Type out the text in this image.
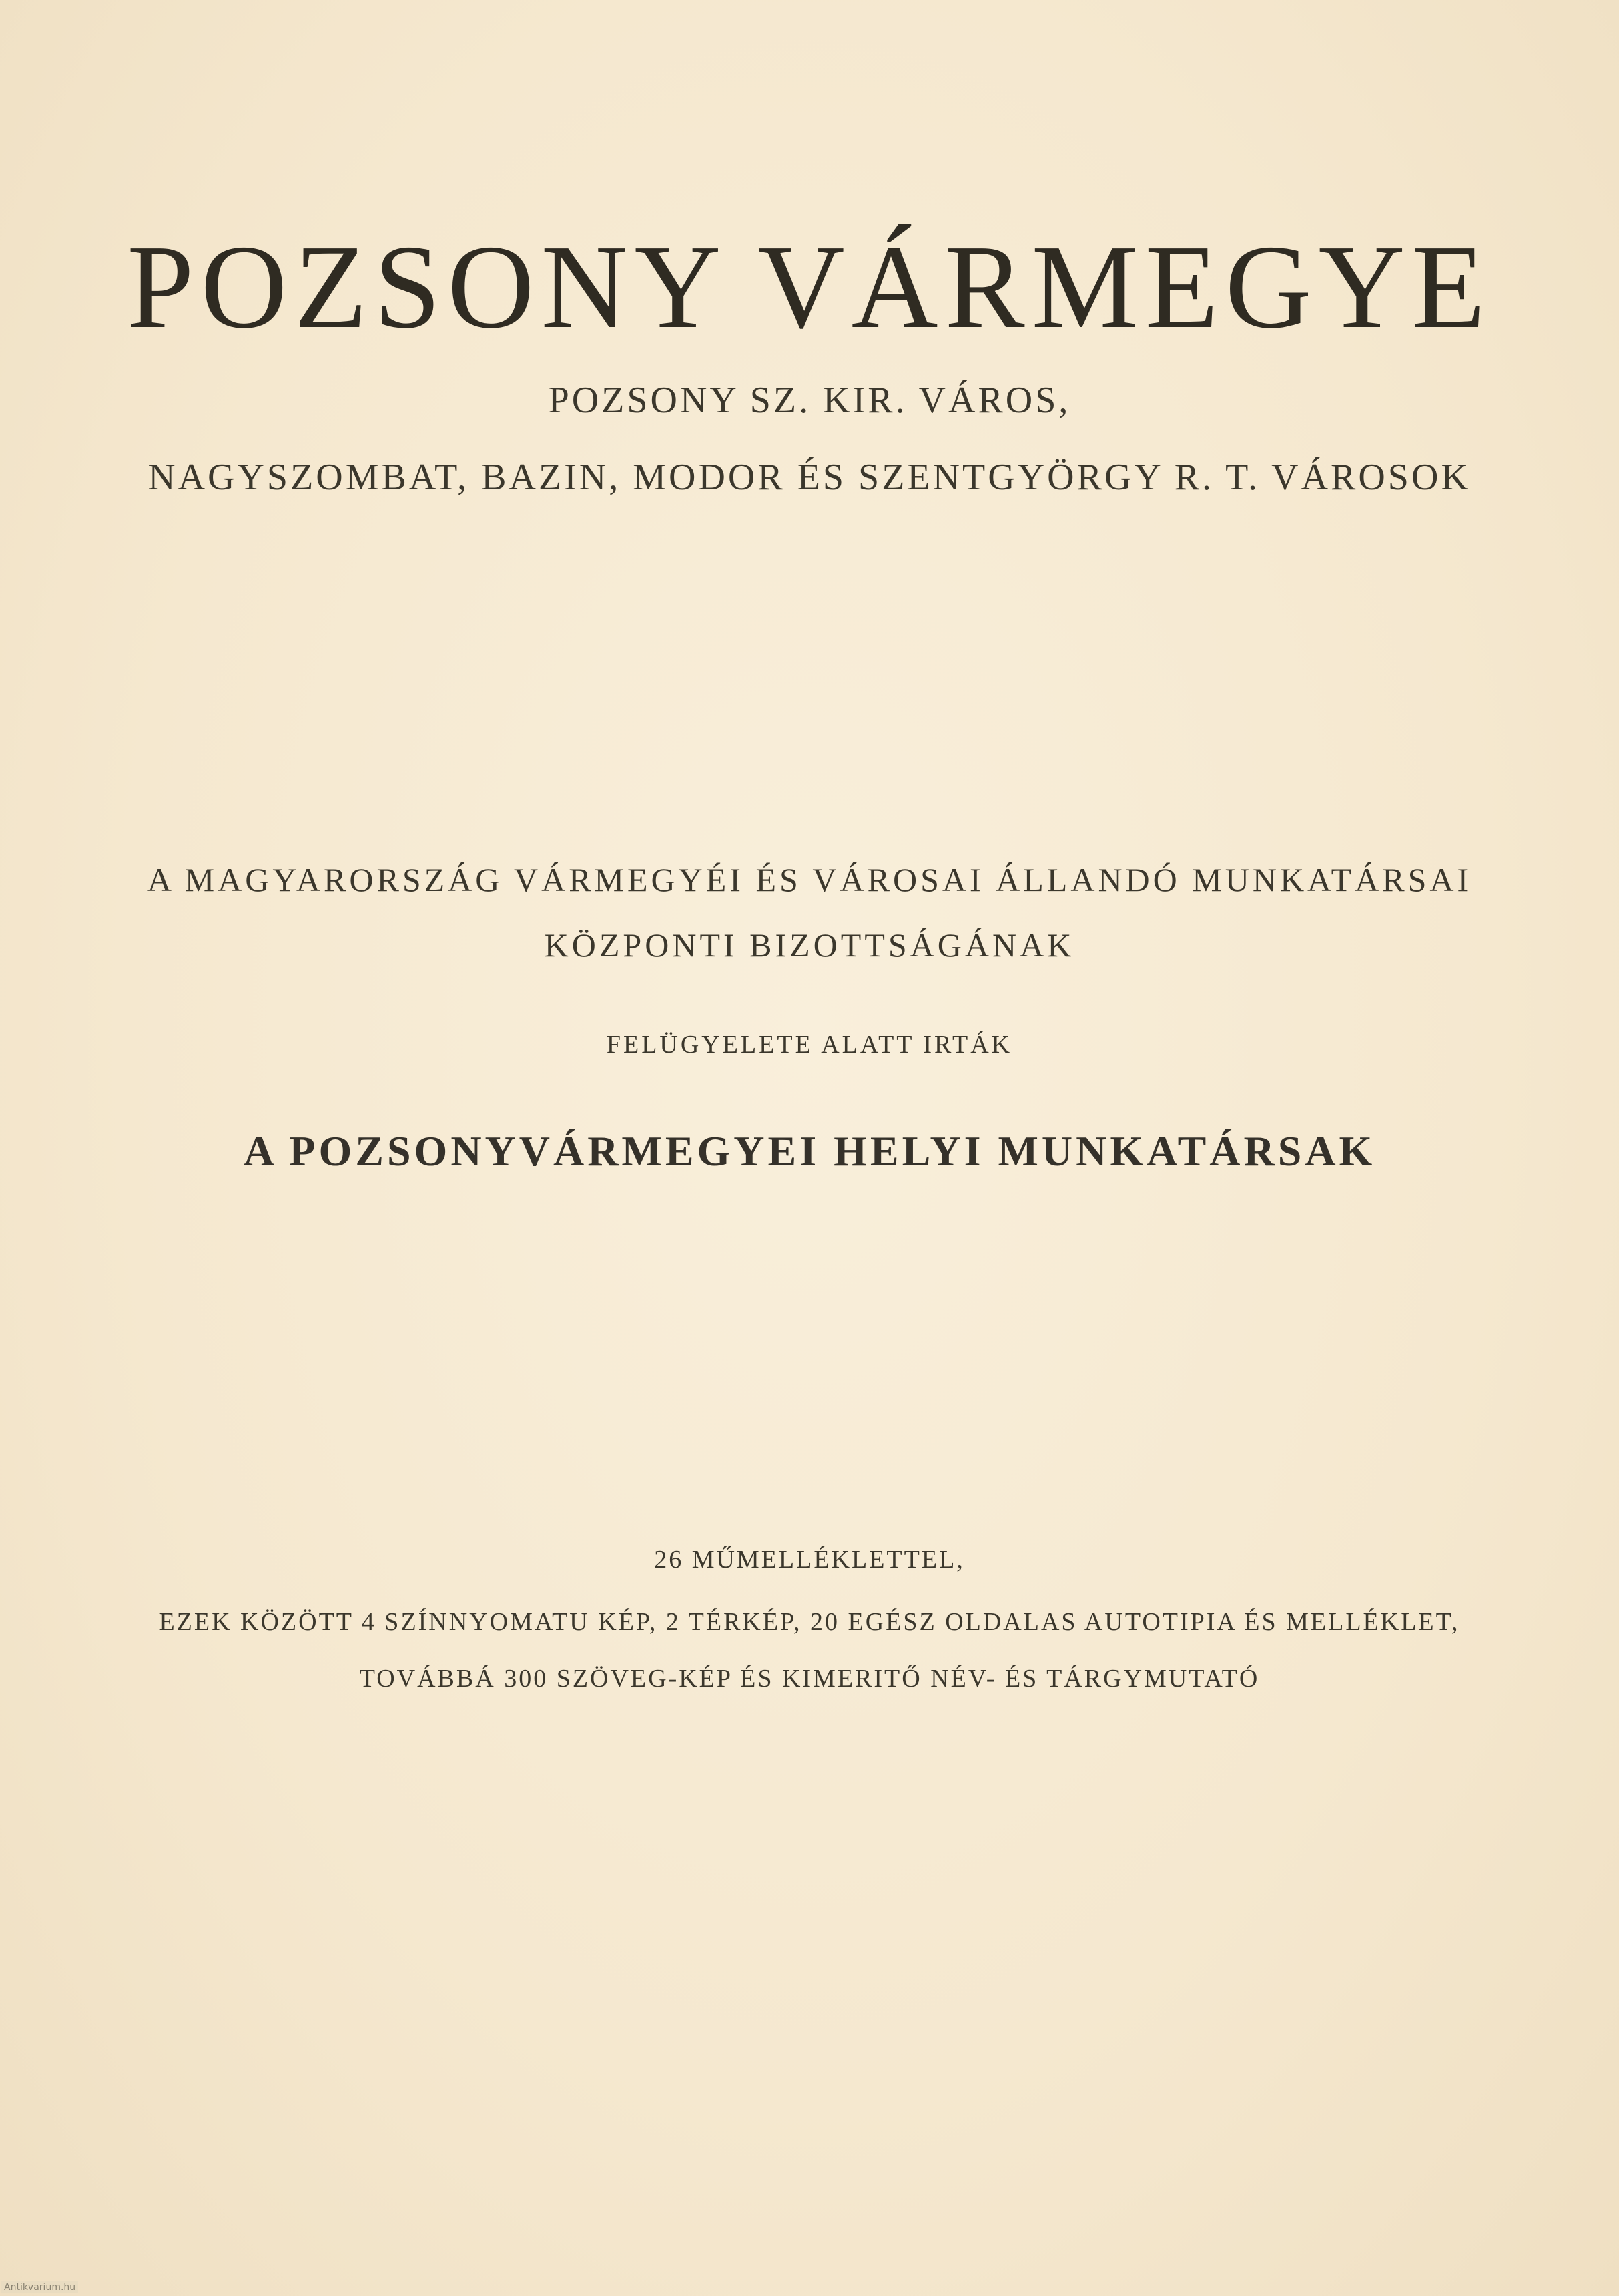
POZSONY VÁRMEGYE
POZSONY SZ. KIR. VÁROS,
NAGYSZOMBAT, BAZIN, MODOR ÉS SZENTGYÖRGY R. T. VÁROSOK
A MAGYARORSZÁG VÁRMEGYÉI ÉS VÁROSAI ÁLLANDÓ MUNKATÁRSAI
KÖZPONTI BIZOTTSÁGÁNAK
FELÜGYELETE ALATT IRTÁK
A POZSONYVÁRMEGYEI HELYI MUNKATÁRSAK
26 MŰMELLÉKLETTEL,
EZEK KÖZÖTT 4 SZÍNNYOMATU KÉP, 2 TÉRKÉP, 20 EGÉSZ OLDALAS AUTOTIPIA ÉS MELLÉKLET,
TOVÁBBÁ 300 SZÖVEG-KÉP ÉS KIMERITŐ NÉV- ÉS TÁRGYMUTATÓ
Antikvarium.hu
